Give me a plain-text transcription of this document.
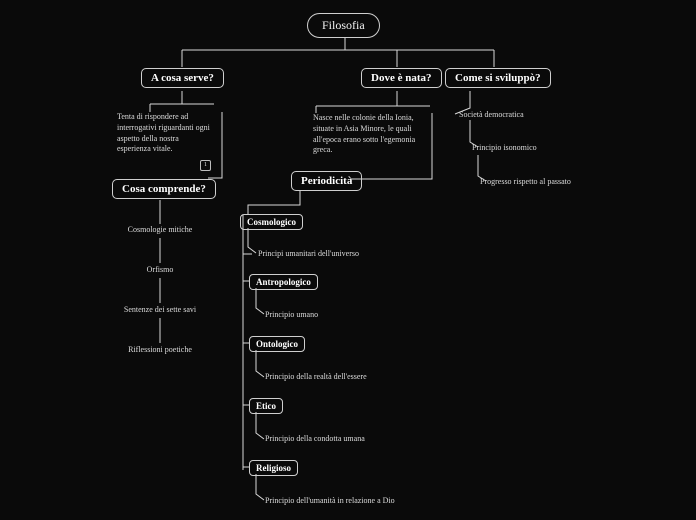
Filosofia
A cosa serve?
Tenta di rispondere ad interrogativi riguardanti ogni aspetto della nostra esperienza vitale.
1
Cosa comprende?
Cosmologie mitiche
Orfismo
Sentenze dei sette savi
Riflessioni poetiche
Dove è nata?
Nasce nelle colonie della Ionia, situate in Asia Minore, le quali all'epoca erano sotto l'egemonia greca.
Periodicità
Come si sviluppò?
Società democratica
Principio isonomico
Progresso rispetto al passato
Cosmologico
Principi umanitari dell'universo
Antropologico
Principio umano
Ontologico
Principio della realtà dell'essere
Etico
Principio della condotta umana
Religioso
Principio dell'umanità in relazione a Dio
